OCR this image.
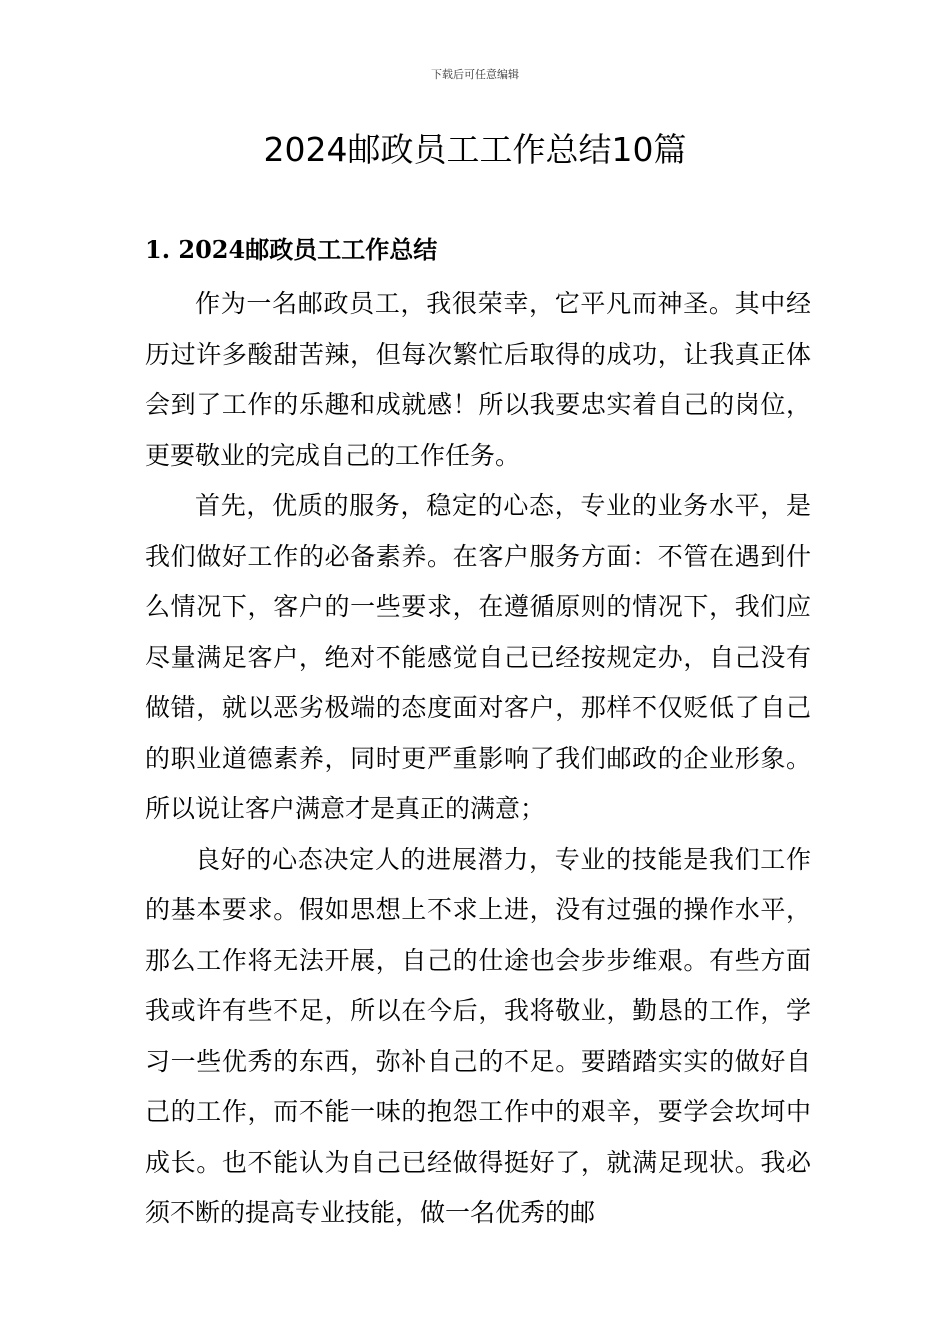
下载后可任意编辑
2024邮政员工工作总结10篇
1. 2024邮政员工工作总结

作为一名邮政员工，我很荣幸，它平凡而神圣。其中经历过许多酸甜苦辣，但每次繁忙后取得的成功，让我真正体会到了工作的乐趣和成就感！所以我要忠实着自己的岗位，更要敬业的完成自己的工作任务。

首先，优质的服务，稳定的心态，专业的业务水平，是我们做好工作的必备素养。在客户服务方面：不管在遇到什么情况下，客户的一些要求，在遵循原则的情况下，我们应尽量满足客户，绝对不能感觉自己已经按规定办，自己没有做错，就以恶劣极端的态度面对客户，那样不仅贬低了自己的职业道德素养，同时更严重影响了我们邮政的企业形象。所以说让客户满意才是真正的满意；

良好的心态决定人的进展潜力，专业的技能是我们工作的基本要求。假如思想上不求上进，没有过强的操作水平，那么工作将无法开展，自己的仕途也会步步维艰。有些方面我或许有些不足，所以在今后，我将敬业，勤恳的工作，学习一些优秀的东西，弥补自己的不足。要踏踏实实的做好自己的工作，而不能一味的抱怨工作中的艰辛，要学会坎坷中成长。也不能认为自己已经做得挺好了，就满足现状。我必须不断的提高专业技能，做一名优秀的邮
